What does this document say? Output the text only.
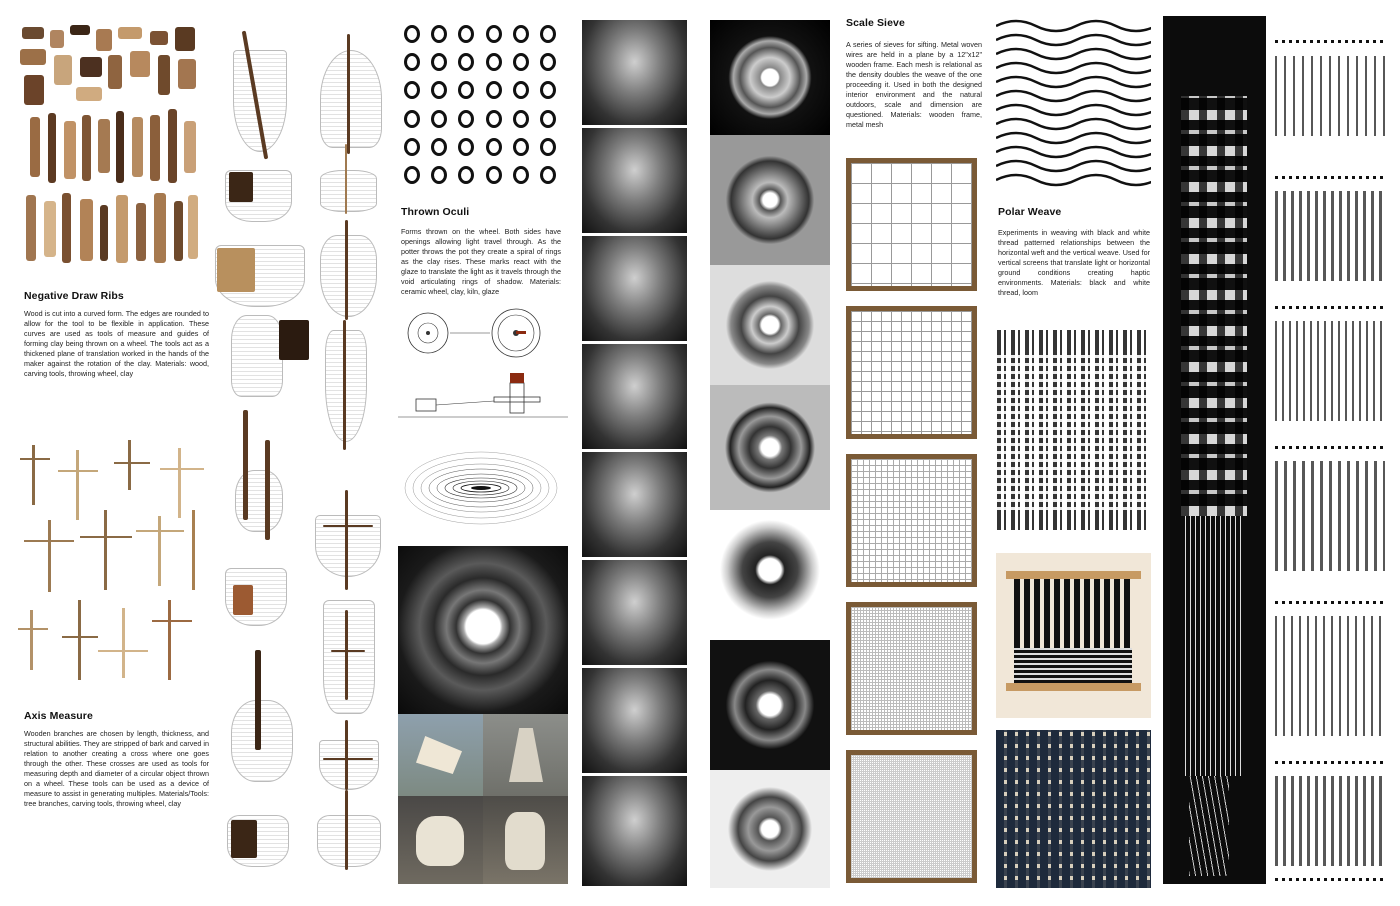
Negative Draw Ribs
Wood is cut into a curved form. The edges are rounded to allow for the tool to be flexible in application. These curves are used as tools of measure and guides of forming clay being thrown on a wheel. The tools act as a thickened plane of translation worked in the hands of the maker against the rotation of the clay. Materials: wood, carving tools, throwing wheel, clay
Axis Measure
Wooden branches are chosen by length, thickness, and structural abilities. They are stripped of bark and carved in relation to another creating a cross where one goes through the other. These crosses are used as tools for measuring depth and diameter of a circular object thrown on a wheel. These tools can be used as a device of measure to assist in generating multiples. Materials/Tools: tree branches, carving tools, throwing wheel, clay
Thrown Oculi
Forms thrown on the wheel. Both sides have openings allowing light travel through. As the potter throws the pot they create a spiral of rings as the clay rises. These marks react with the glaze to translate the light as it travels through the void articulating rings of shadow. Materials: ceramic wheel, clay, kiln, glaze
Scale Sieve
A series of sieves for sifting. Metal woven wires are held in a plane by a 12"x12" wooden frame. Each mesh is relational as the density doubles the weave of the one proceeding it. Used in both the designed interior environment and the natural outdoors, scale and dimension are questioned. Materials: wooden frame, metal mesh
Polar Weave
Experiments in weaving with black and white thread patterned relationships between the horizontal weft and the vertical weave. Used for vertical screens that translate light or horizontal ground conditions creating haptic environments. Materials: black and white thread, loom
